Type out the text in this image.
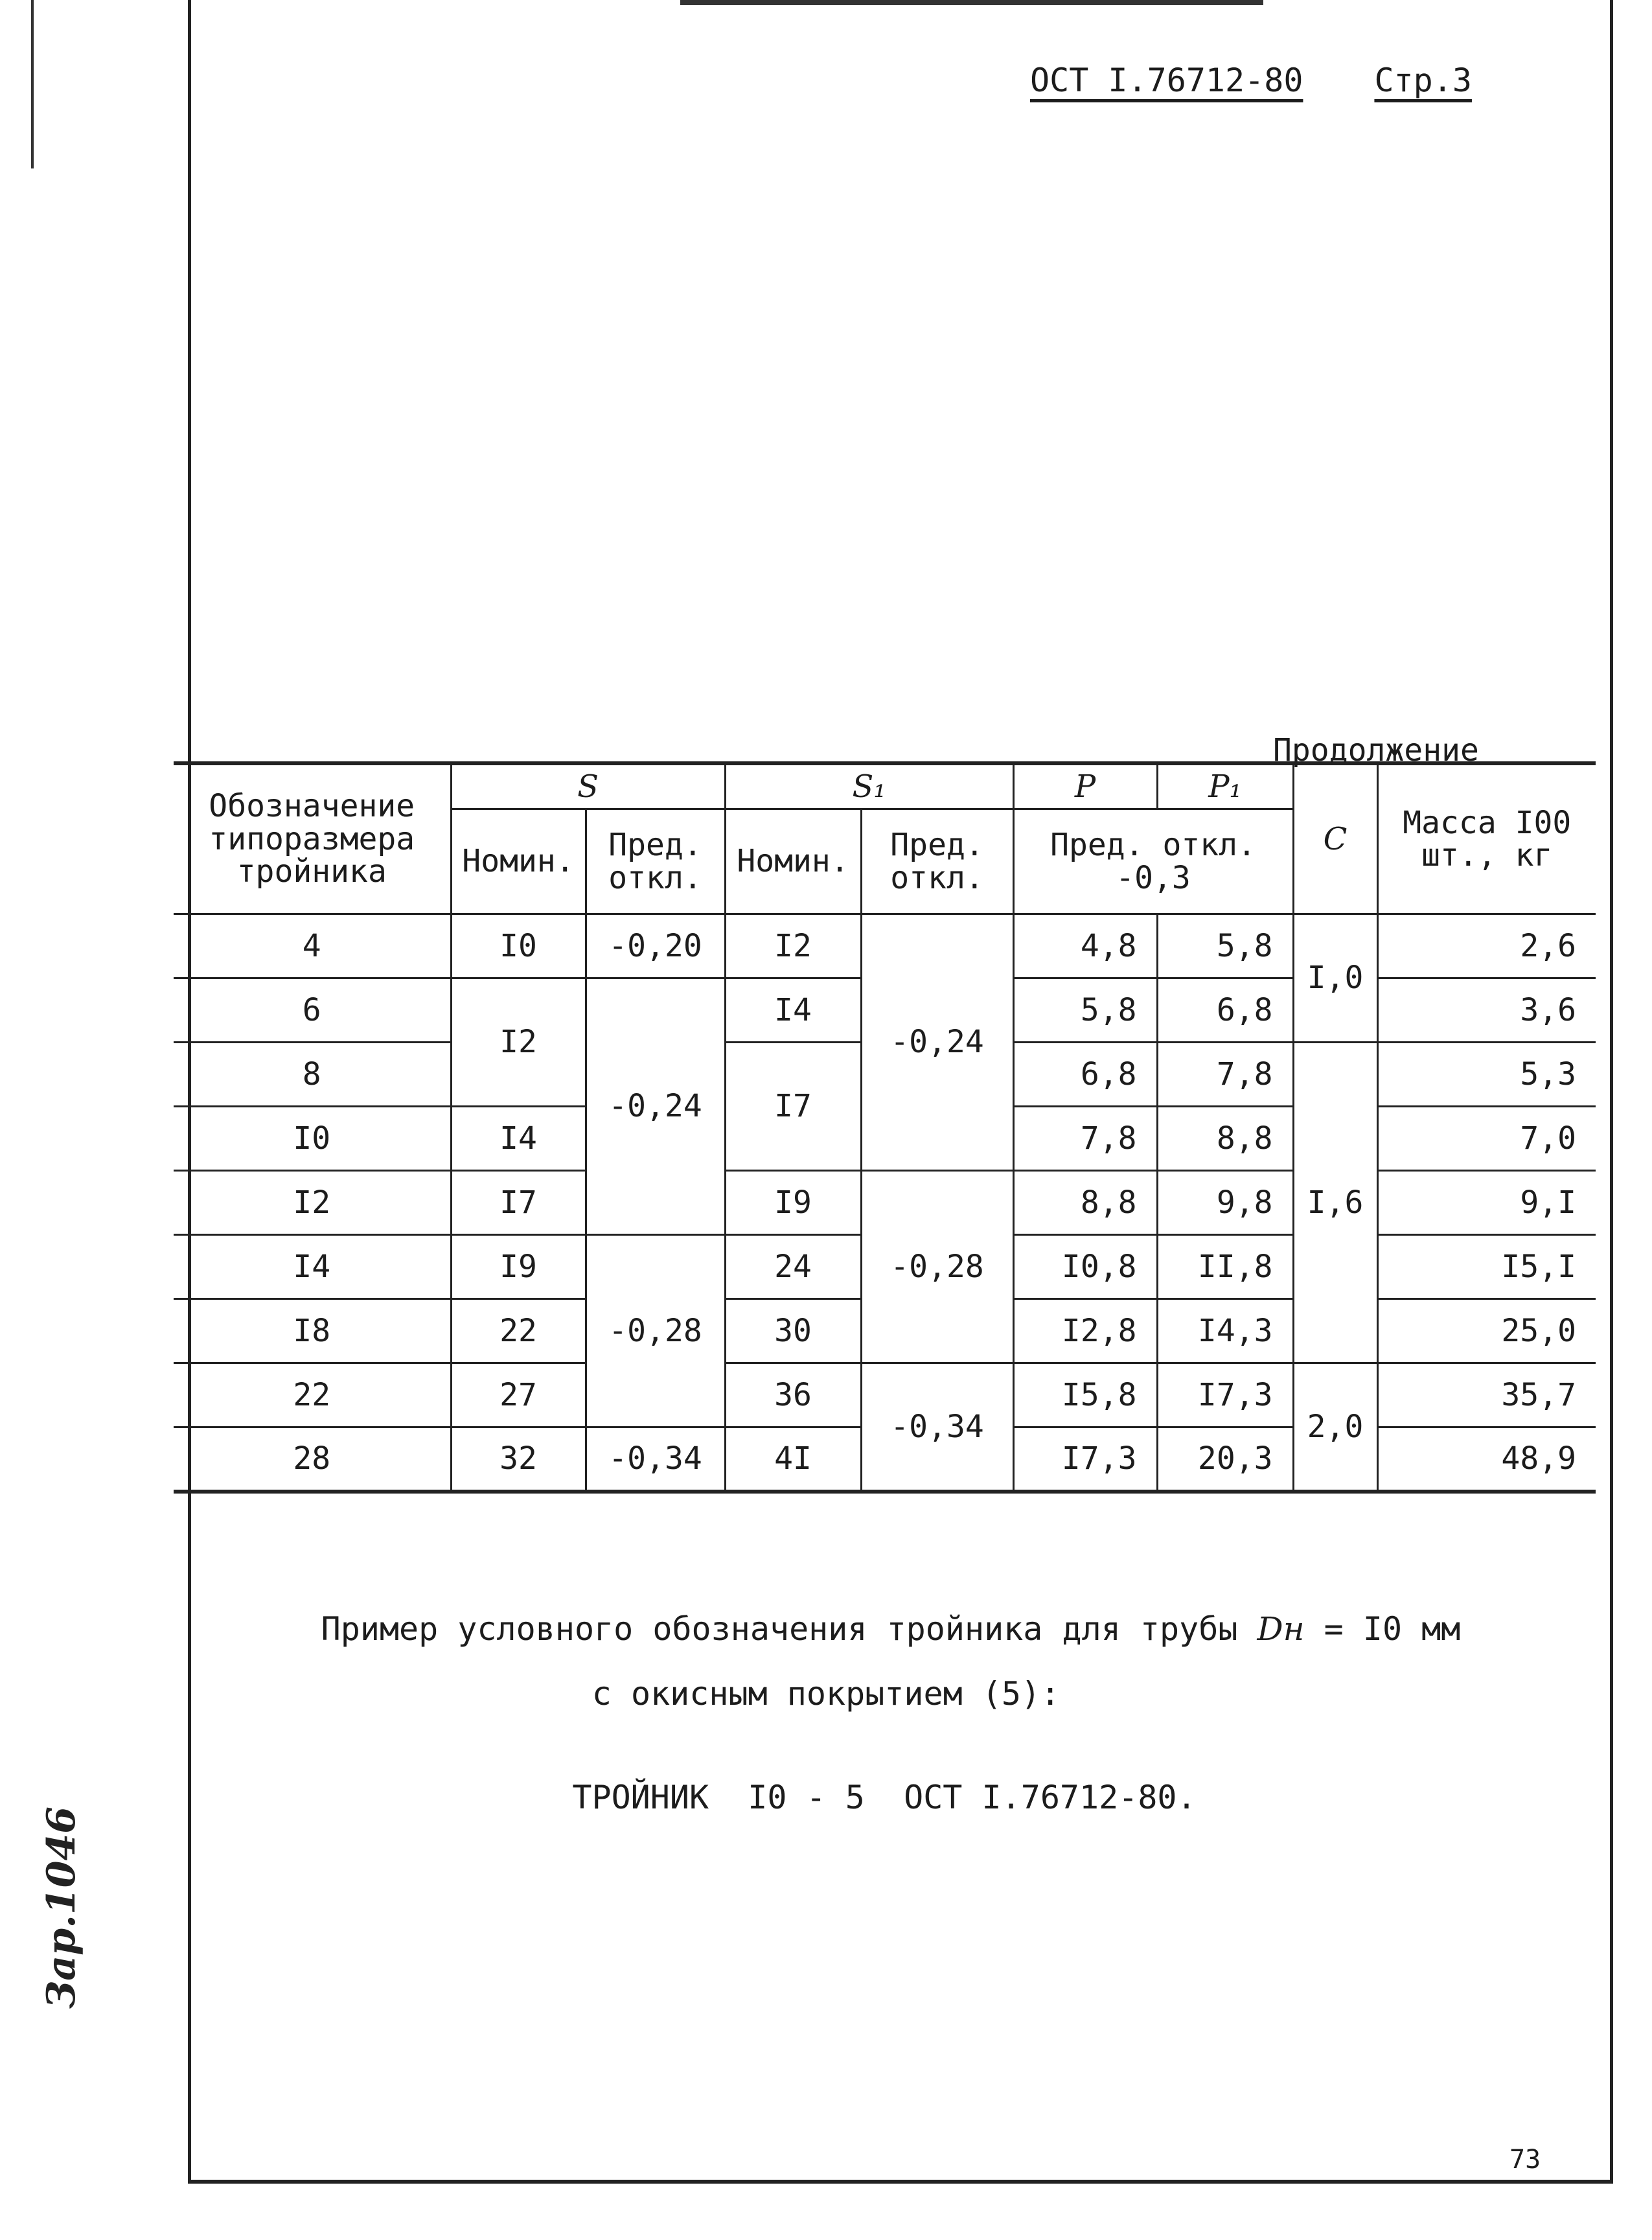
ОСТ I.76712-80 Стр.3
Продолжение
Обозначение типоразмера тройника	S		S₁		P	P₁	C	Масса I00 шт., кг
	Номин.	Пред. откл.	Номин.	Пред. откл.	Пред. откл. -0,3			
4	I0	-0,20	I2	-0,24	4,8	5,8	I,0	2,6
6	I2	-0,24	I4		5,8	6,8		3,6
8			I7		6,8	7,8	I,6	5,3
I0	I4				7,8	8,8		7,0
I2	I7		I9	-0,28	8,8	9,8		9,I
I4	I9	-0,28	24		I0,8	II,8		I5,I
I8	22		30		I2,8	I4,3		25,0
22	27		36	-0,34	I5,8	I7,3	2,0	35,7
28	32	-0,34	4I		I7,3	20,3		48,9
Пример условного обозначения тройника для трубы Dн = I0 мм
с окисным покрытием (5):
ТРОЙНИК  I0 - 5  ОСТ I.76712-80.
Зар.1046
73
